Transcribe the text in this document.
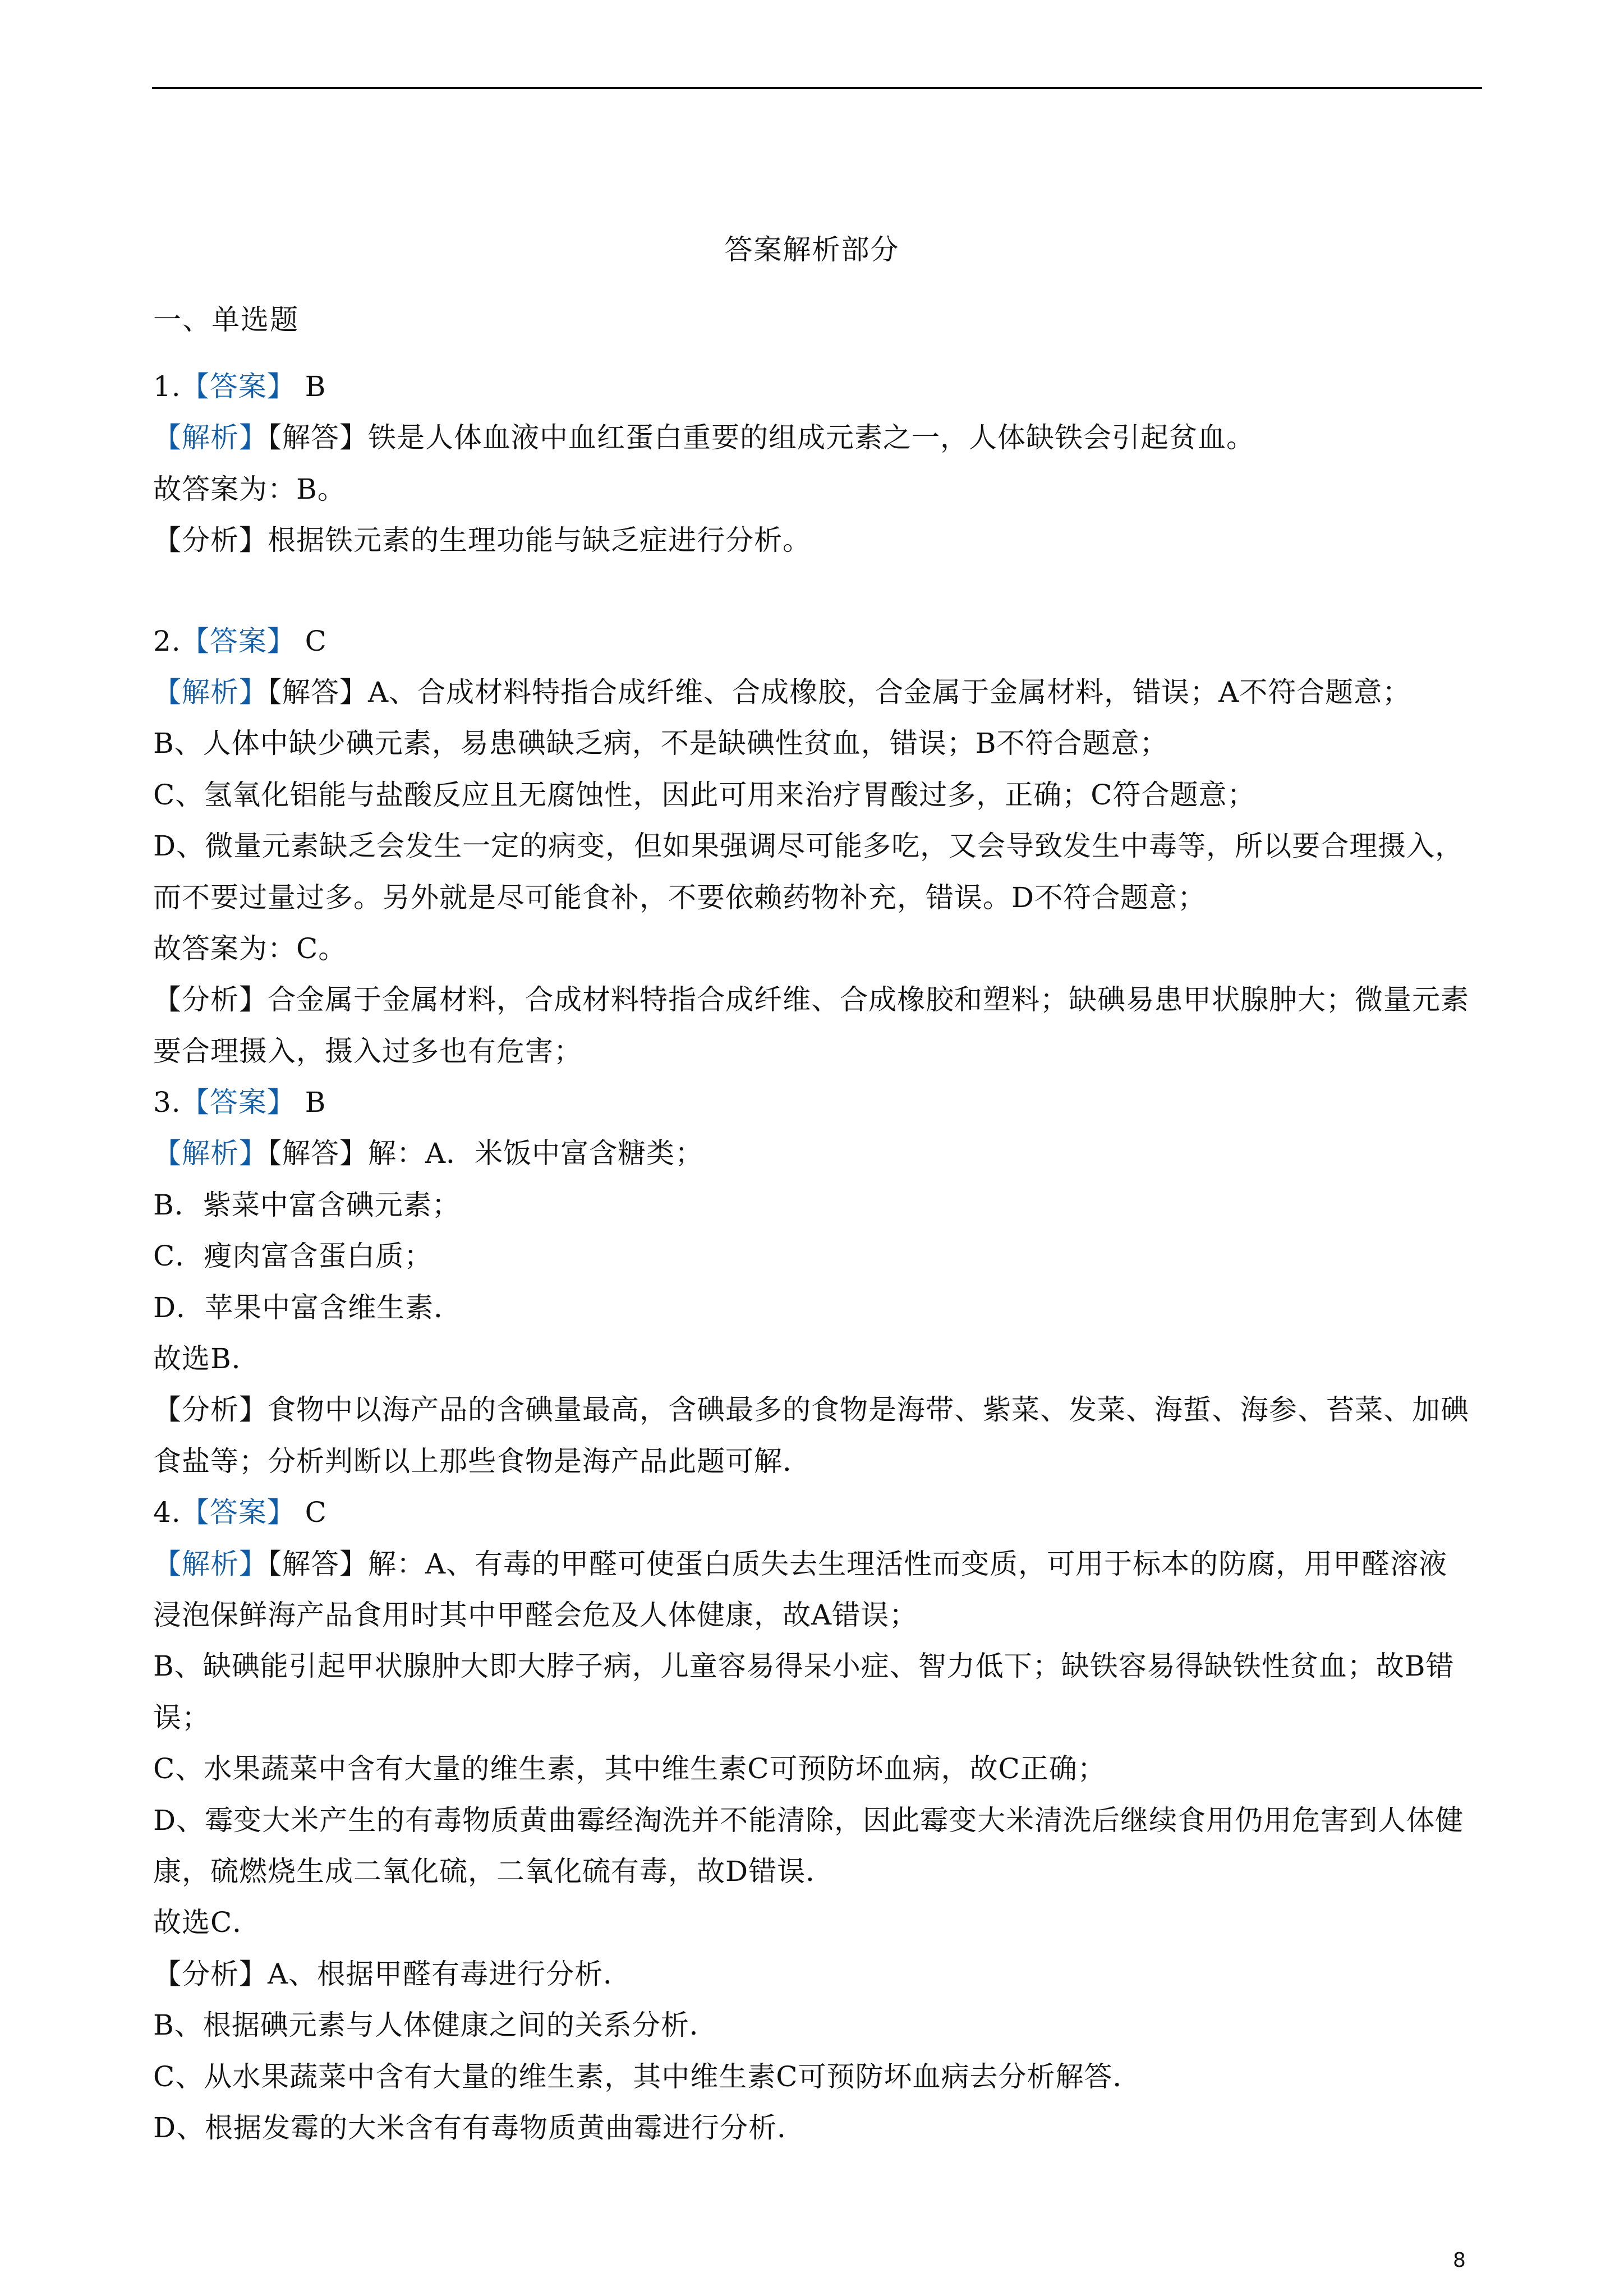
答案解析部分
一、单选题
1.【答案】 B
【解析】【解答】铁是人体血液中血红蛋白重要的组成元素之一，人体缺铁会引起贫血。
故答案为：B。
【分析】根据铁元素的生理功能与缺乏症进行分析。
2.【答案】 C
【解析】【解答】A、合成材料特指合成纤维、合成橡胶，合金属于金属材料，错误；A不符合题意；
B、人体中缺少碘元素，易患碘缺乏病，不是缺碘性贫血，错误；B不符合题意；
C、氢氧化铝能与盐酸反应且无腐蚀性，因此可用来治疗胃酸过多，正确；C符合题意；
D、微量元素缺乏会发生一定的病变，但如果强调尽可能多吃，又会导致发生中毒等，所以要合理摄入，
而不要过量过多。另外就是尽可能食补，不要依赖药物补充，错误。D不符合题意；
故答案为：C。
【分析】合金属于金属材料，合成材料特指合成纤维、合成橡胶和塑料；缺碘易患甲状腺肿大；微量元素
要合理摄入，摄入过多也有危害；
3.【答案】 B
【解析】【解答】解：A．米饭中富含糖类；
B．紫菜中富含碘元素；
C．瘦肉富含蛋白质；
D．苹果中富含维生素．
故选B．
【分析】食物中以海产品的含碘量最高，含碘最多的食物是海带、紫菜、发菜、海蜇、海参、苔菜、加碘
食盐等；分析判断以上那些食物是海产品此题可解．
4.【答案】 C
【解析】【解答】解：A、有毒的甲醛可使蛋白质失去生理活性而变质，可用于标本的防腐，用甲醛溶液
浸泡保鲜海产品食用时其中甲醛会危及人体健康，故A错误；
B、缺碘能引起甲状腺肿大即大脖子病，儿童容易得呆小症、智力低下；缺铁容易得缺铁性贫血；故B错
误；
C、水果蔬菜中含有大量的维生素，其中维生素C可预防坏血病，故C正确；
D、霉变大米产生的有毒物质黄曲霉经淘洗并不能清除，因此霉变大米清洗后继续食用仍用危害到人体健
康，硫燃烧生成二氧化硫，二氧化硫有毒，故D错误．
故选C．
【分析】A、根据甲醛有毒进行分析．
B、根据碘元素与人体健康之间的关系分析．
C、从水果蔬菜中含有大量的维生素，其中维生素C可预防坏血病去分析解答．
D、根据发霉的大米含有有毒物质黄曲霉进行分析．
8
